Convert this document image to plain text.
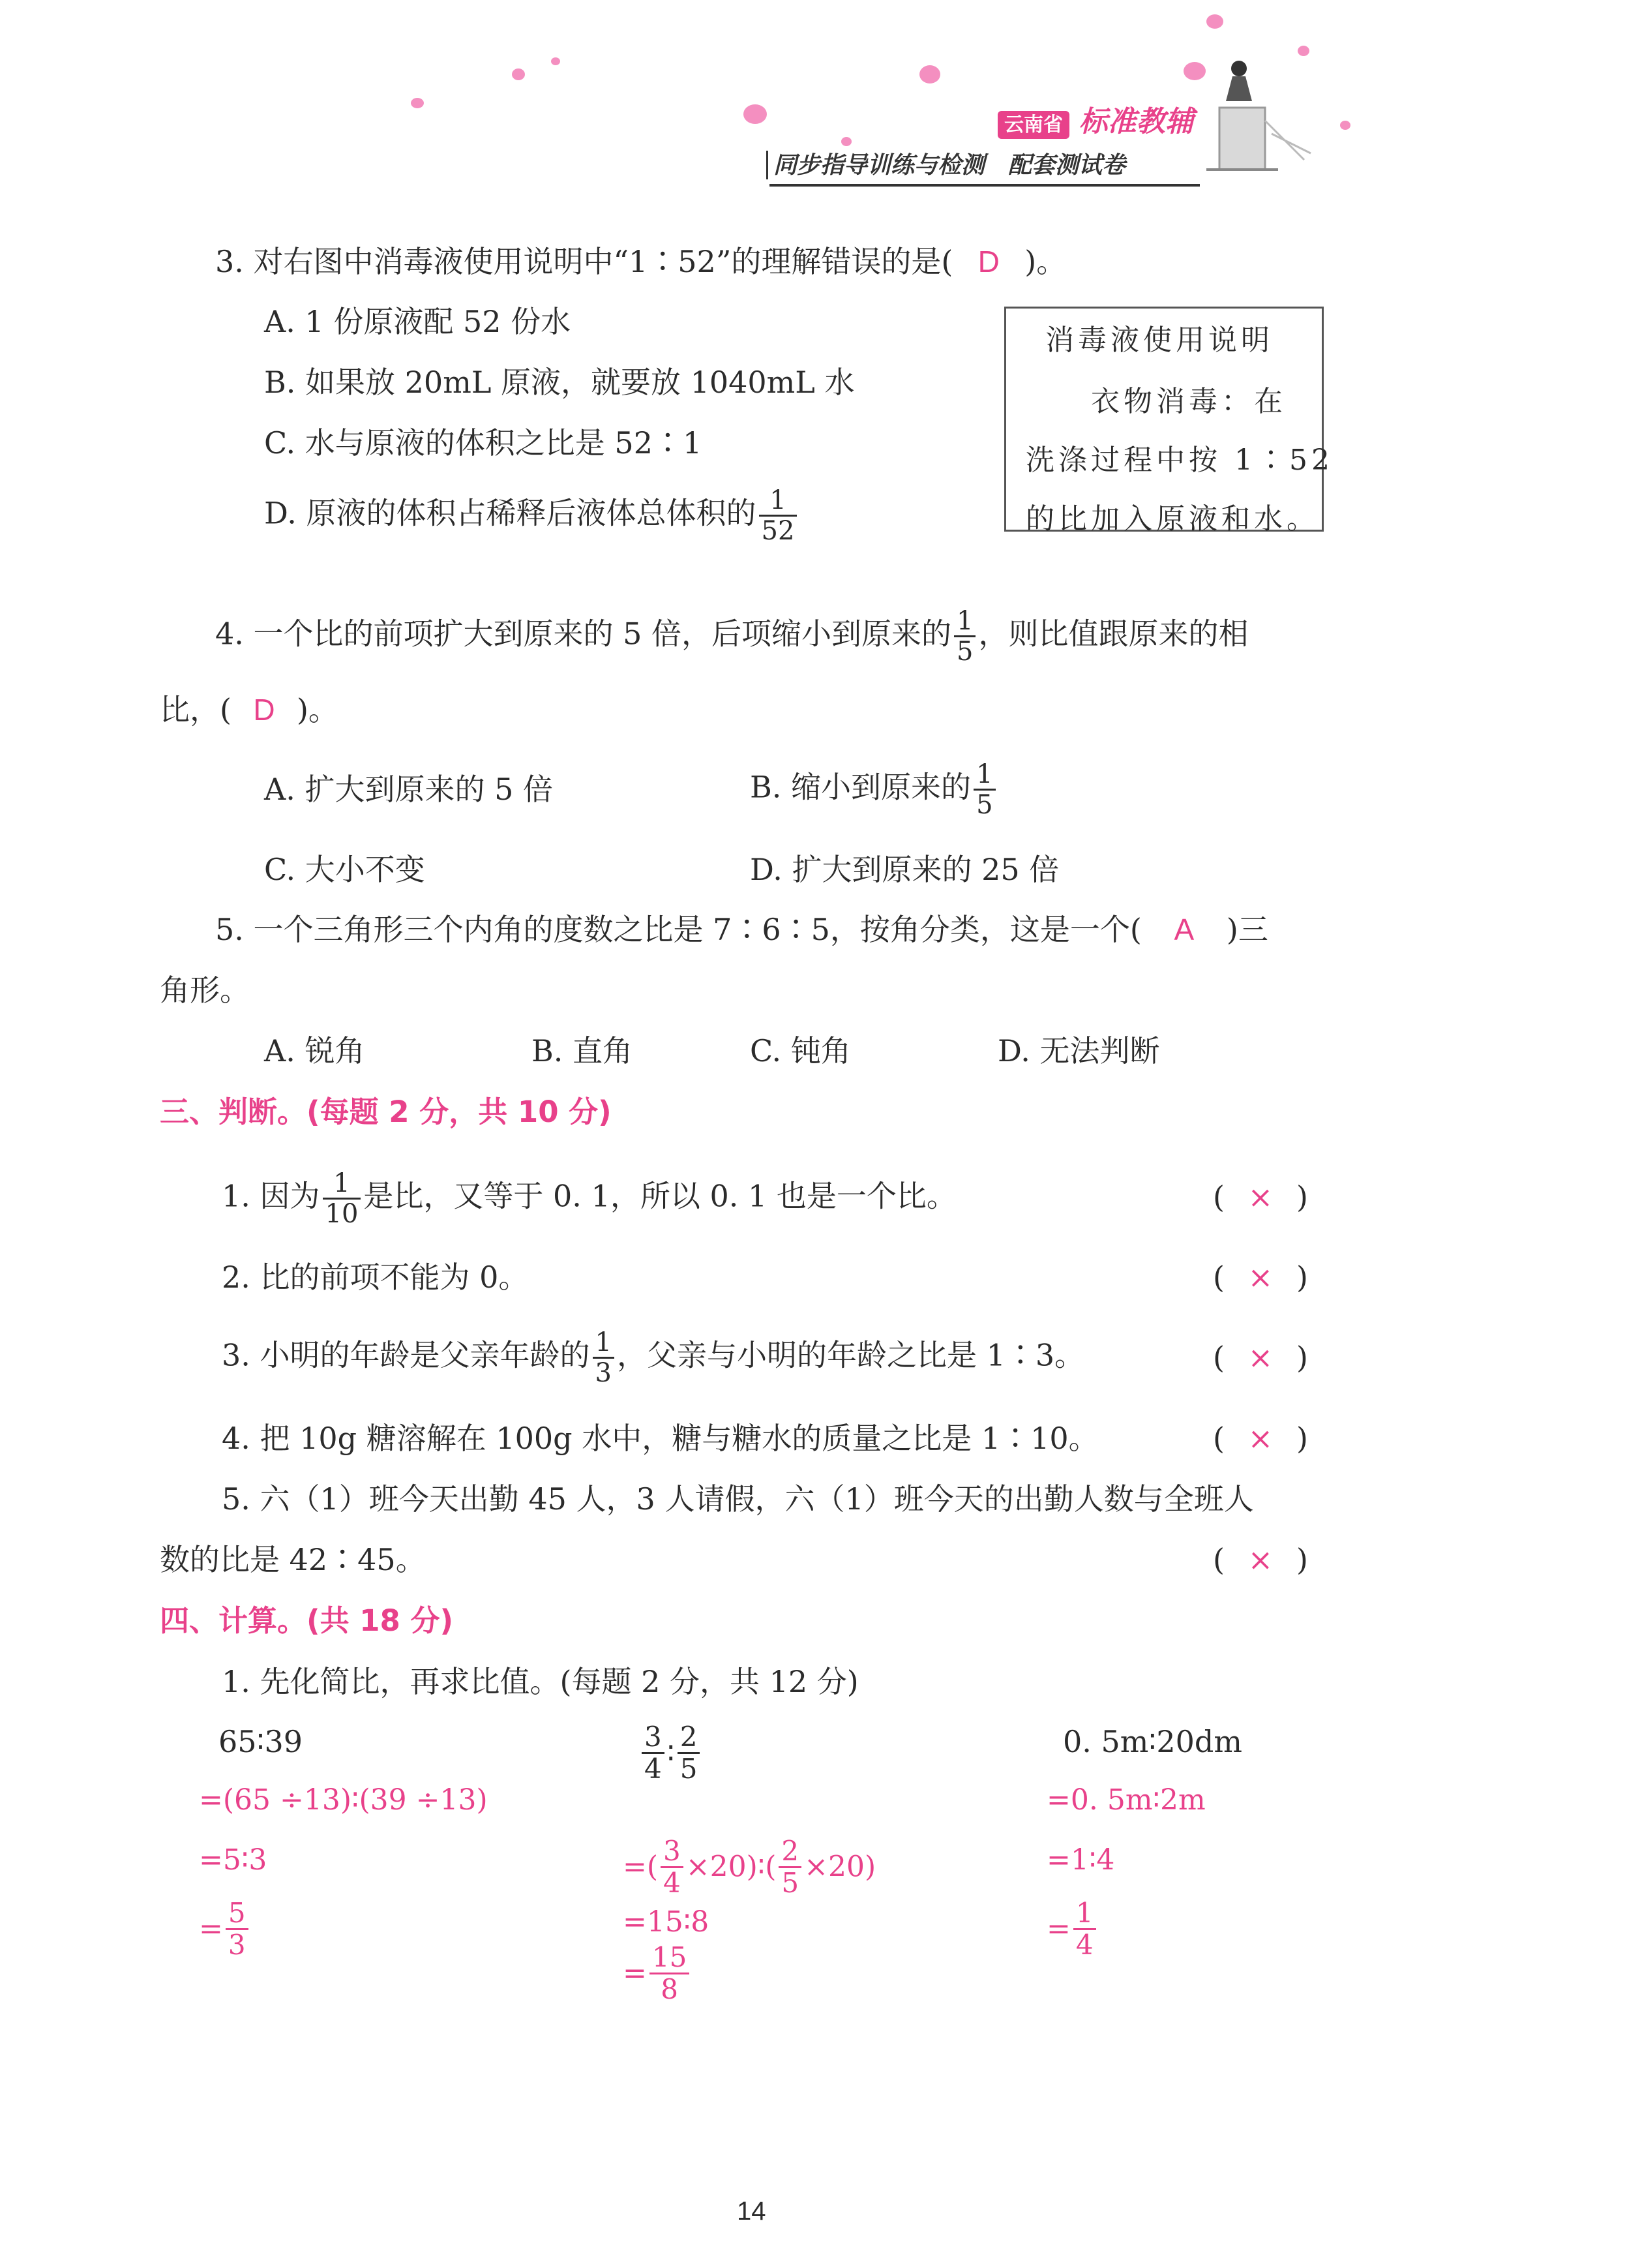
云南省 标准教辅
同步指导训练与检测　配套测试卷
3. 对右图中消毒液使用说明中“1∶52”的理解错误的是( D )。
A. 1 份原液配 52 份水
B. 如果放 20mL 原液，就要放 1040mL 水
C. 水与原液的体积之比是 52∶1
D. 原液的体积占稀释后液体总体积的 $\frac{1}{52}$
消毒液使用说明
衣物消毒：在
洗涤过程中按 1∶52
的比加入原液和水。
4. 一个比的前项扩大到原来的 5 倍，后项缩小到原来的 $\frac{1}{5}$ ，则比值跟原来的相
比，( D )。
A. 扩大到原来的 5 倍	B. 缩小到原来的 $\frac{1}{5}$
C. 大小不变	D. 扩大到原来的 25 倍
5. 一个三角形三个内角的度数之比是 7∶6∶5，按角分类，这是一个( A )三
角形。
A. 锐角	B. 直角	C. 钝角	D. 无法判断
三、判断。(每题 2 分，共 10 分)
1. 因为 $\frac{1}{10}$ 是比，又等于 0. 1，所以 0. 1 也是一个比。	( × )
2. 比的前项不能为 0。	( × )
3. 小明的年龄是父亲年龄的 $\frac{1}{3}$ ，父亲与小明的年龄之比是 1∶3。	( × )
4. 把 10g 糖溶解在 100g 水中，糖与糖水的质量之比是 1∶10。	( × )
5. 六（1）班今天出勤 45 人，3 人请假，六（1）班今天的出勤人数与全班人
数的比是 42∶45。	( × )
四、计算。(共 18 分)
1. 先化简比，再求比值。(每题 2 分，共 12 分)
65∶39
=(65 ÷13)∶(39 ÷13)
=5∶3
= $\frac{5}{3}$
$\frac{3}{4}$ ∶ $\frac{2}{5}$
=( $\frac{3}{4}$ ×20)∶( $\frac{2}{5} \times 20$)
=15∶8
= $\frac{15}{8}$
0. 5m∶20dm
=0. 5m∶2m
=1∶4
= $\frac{1}{4}$
14
